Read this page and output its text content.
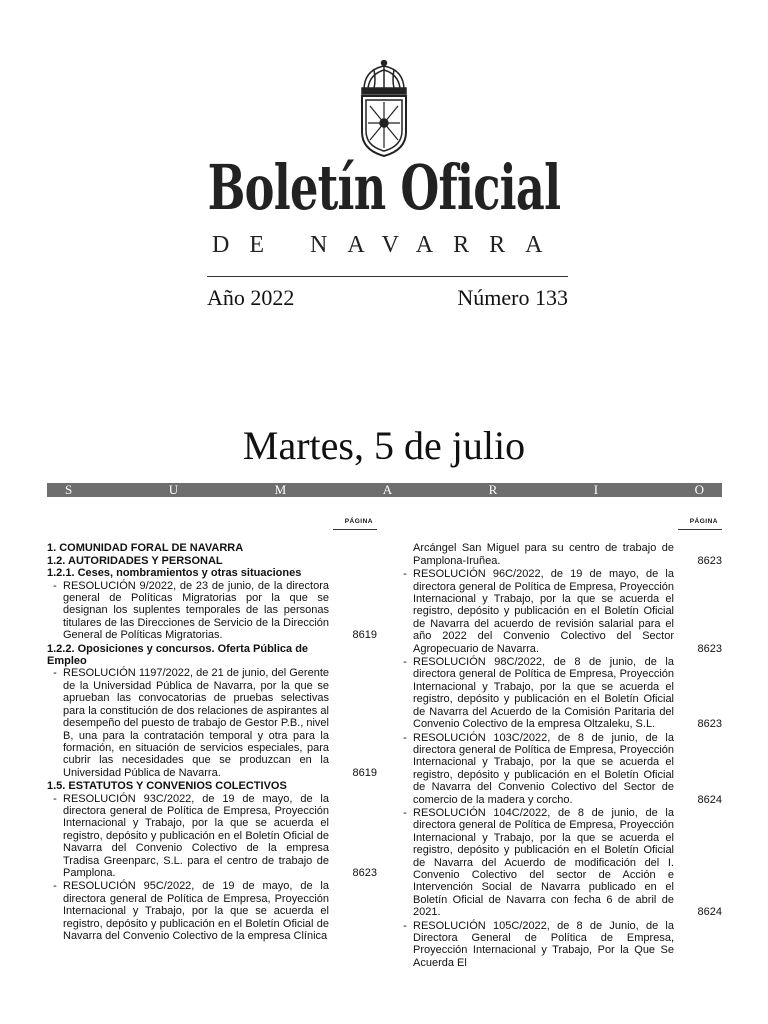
Boletín Oficial
DE NAVARRA
Año 2022	Número 133
Martes, 5 de julio
S	U	M	A	R	I	O
PÁGINA
1. COMUNIDAD FORAL DE NAVARRA
1.2. AUTORIDADES Y PERSONAL
1.2.1. Ceses, nombramientos y otras situaciones
- RESOLUCIÓN 9/2022, de 23 de junio, de la directora general de Políticas Migratorias por la que se designan los suplentes temporales de las personas titulares de las Direcciones de Servicio de la Dirección General de Políticas Migratorias.	8619
1.2.2. Oposiciones y concursos. Oferta Pública de Empleo
- RESOLUCIÓN 1197/2022, de 21 de junio, del Gerente de la Universidad Pública de Navarra, por la que se aprueban las convocatorias de pruebas selectivas para la constitución de dos relaciones de aspirantes al desempeño del puesto de trabajo de Gestor P.B., nivel B, una para la contratación temporal y otra para la formación, en situación de servicios especiales, para cubrir las necesidades que se produzcan en la Universidad Pública de Navarra.	8619
1.5. ESTATUTOS Y CONVENIOS COLECTIVOS
- RESOLUCIÓN 93C/2022, de 19 de mayo, de la directora general de Política de Empresa, Proyección Internacional y Trabajo, por la que se acuerda el registro, depósito y publicación en el Boletín Oficial de Navarra del Convenio Colectivo de la empresa Tradisa Greenparc, S.L. para el centro de trabajo de Pamplona.	8623
- RESOLUCIÓN 95C/2022, de 19 de mayo, de la directora general de Política de Empresa, Proyección Internacional y Trabajo, por la que se acuerda el registro, depósito y publicación en el Boletín Oficial de Navarra del Convenio Colectivo de la empresa Clínica
PÁGINA
Arcángel San Miguel para su centro de trabajo de Pamplona-Iruñea.	8623
- RESOLUCIÓN 96C/2022, de 19 de mayo, de la directora general de Política de Empresa, Proyección Internacional y Trabajo, por la que se acuerda el registro, depósito y publicación en el Boletín Oficial de Navarra del acuerdo de revisión salarial para el año 2022 del Convenio Colectivo del Sector Agropecuario de Navarra.	8623
- RESOLUCIÓN 98C/2022, de 8 de junio, de la directora general de Política de Empresa, Proyección Internacional y Trabajo, por la que se acuerda el registro, depósito y publicación en el Boletín Oficial de Navarra del Acuerdo de la Comisión Paritaria del Convenio Colectivo de la empresa Oltzaleku, S.L.	8623
- RESOLUCIÓN 103C/2022, de 8 de junio, de la directora general de Política de Empresa, Proyección Internacional y Trabajo, por la que se acuerda el registro, depósito y publicación en el Boletín Oficial de Navarra del Convenio Colectivo del Sector de comercio de la madera y corcho.	8624
- RESOLUCIÓN 104C/2022, de 8 de junio, de la directora general de Política de Empresa, Proyección Internacional y Trabajo, por la que se acuerda el registro, depósito y publicación en el Boletín Oficial de Navarra del Acuerdo de modificación del I. Convenio Colectivo del sector de Acción e Intervención Social de Navarra publicado en el Boletín Oficial de Navarra con fecha 6 de abril de 2021.	8624
- RESOLUCIÓN 105C/2022, de 8 de Junio, de la Directora General de Política de Empresa, Proyección Internacional y Trabajo, Por la Que Se Acuerda El
